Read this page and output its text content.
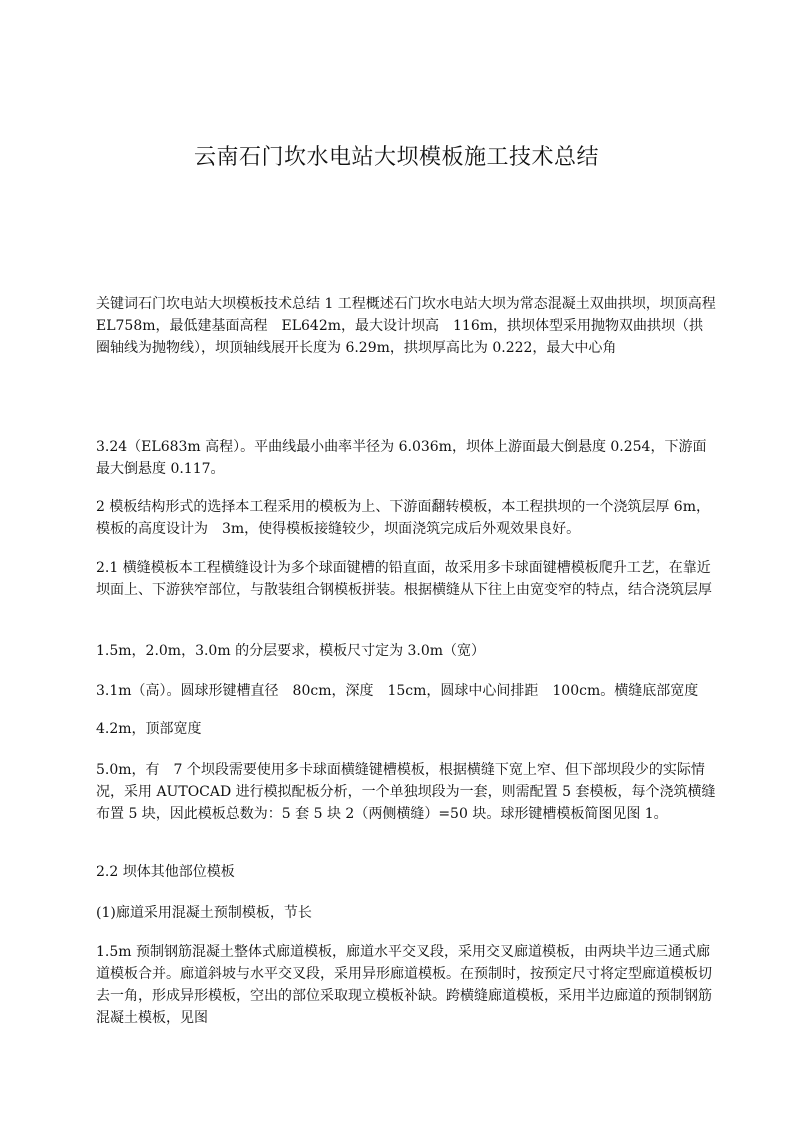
云南石门坎水电站大坝模板施工技术总结
关键词石门坎电站大坝模板技术总结 1 工程概述石门坎水电站大坝为常态混凝土双曲拱坝，坝顶高程 EL758m，最低建基面高程　EL642m，最大设计坝高　116m，拱坝体型采用抛物双曲拱坝（拱圈轴线为抛物线），坝顶轴线展开长度为 6.29m，拱坝厚高比为 0.222，最大中心角
3.24（EL683m 高程）。平曲线最小曲率半径为 6.036m，坝体上游面最大倒悬度 0.254，下游面最大倒悬度 0.117。
2 模板结构形式的选择本工程采用的模板为上、下游面翻转模板，本工程拱坝的一个浇筑层厚 6m，模板的高度设计为　3m，使得模板接缝较少，坝面浇筑完成后外观效果良好。
2.1 横缝模板本工程横缝设计为多个球面键槽的铅直面，故采用多卡球面键槽模板爬升工艺，在靠近坝面上、下游狭窄部位，与散装组合钢模板拼装。根据横缝从下往上由宽变窄的特点，结合浇筑层厚
1.5m，2.0m，3.0m 的分层要求，模板尺寸定为 3.0m（宽）
3.1m（高）。圆球形键槽直径　80cm，深度　15cm，圆球中心间排距　100cm。横缝底部宽度
4.2m，顶部宽度
5.0m，有　7 个坝段需要使用多卡球面横缝键槽模板，根据横缝下宽上窄、但下部坝段少的实际情况，采用 AUTOCAD 进行模拟配板分析，一个单独坝段为一套，则需配置 5 套模板，每个浇筑横缝布置 5 块，因此模板总数为：5 套 5 块 2（两侧横缝）=50 块。球形键槽模板简图见图 1。
2.2 坝体其他部位模板
(1)廊道采用混凝土预制模板，节长
1.5m 预制钢筋混凝土整体式廊道模板，廊道水平交叉段，采用交叉廊道模板，由两块半边三通式廊道模板合并。廊道斜坡与水平交叉段，采用异形廊道模板。在预制时，按预定尺寸将定型廊道模板切去一角，形成异形模板，空出的部位采取现立模板补缺。跨横缝廊道模板，采用半边廊道的预制钢筋混凝土模板，见图
